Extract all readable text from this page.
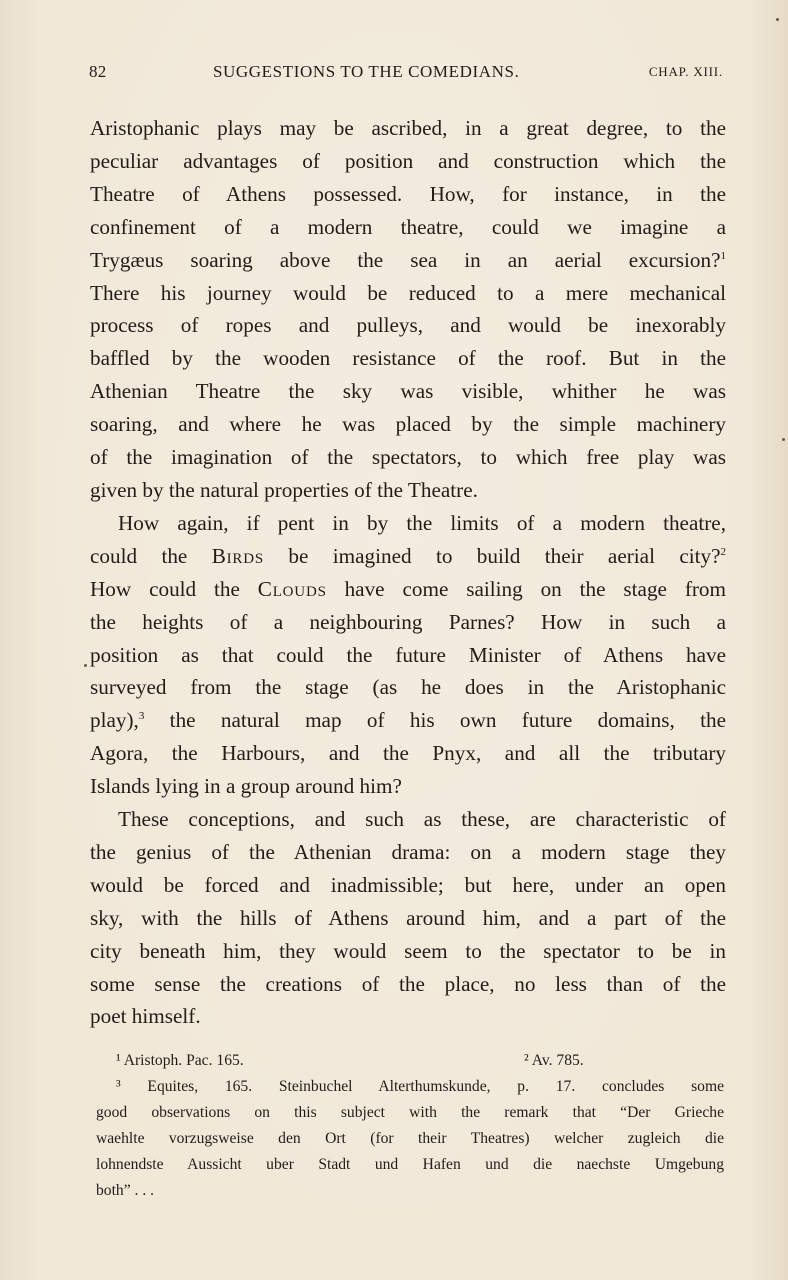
82	SUGGESTIONS TO THE COMEDIANS.	CHAP. XIII.

Aristophanic plays may be ascribed, in a great degree, to the
peculiar advantages of position and construction which the
Theatre of Athens possessed. How, for instance, in the
confinement of a modern theatre, could we imagine a
Trygæus soaring above the sea in an aerial excursion?$^1$
There his journey would be reduced to a mere mechanical
process of ropes and pulleys, and would be inexorably
baffled by the wooden resistance of the roof. But in the
Athenian Theatre the sky was visible, whither he was
soaring, and where he was placed by the simple machinery
of the imagination of the spectators, to which free play was
given by the natural properties of the Theatre.

How again, if pent in by the limits of a modern theatre,
could the Birds be imagined to build their aerial city?$^2$
How could the Clouds have come sailing on the stage from
the heights of a neighbouring Parnes? How in such a
position as that could the future Minister of Athens have
surveyed from the stage (as he does in the Aristophanic
play),$^3$ the natural map of his own future domains, the
Agora, the Harbours, and the Pnyx, and all the tributary
Islands lying in a group around him?

These conceptions, and such as these, are characteristic of
the genius of the Athenian drama: on a modern stage they
would be forced and inadmissible; but here, under an open
sky, with the hills of Athens around him, and a part of the
city beneath him, they would seem to the spectator to be in
some sense the creations of the place, no less than of the
poet himself.

¹ Aristoph. Pac. 165.	² Av. 785.
³ Equites, 165. Steinbuchel Alterthumskunde, p. 17. concludes some
good observations on this subject with the remark that “Der Grieche
waehlte vorzugsweise den Ort (for their Theatres) welcher zugleich die
lohnendste Aussicht uber Stadt und Hafen und die naechste Umgebung
both” . . .
